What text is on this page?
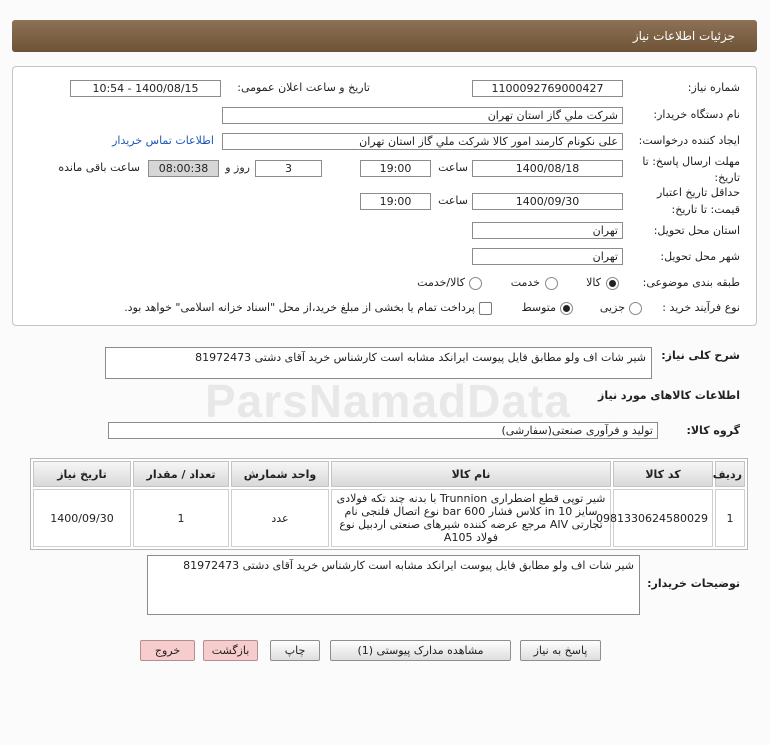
ParsNamadData
جزئیات اطلاعات نیاز
شماره نیاز:
1100092769000427
تاریخ و ساعت اعلان عمومی:
1400/08/15 - 10:54
نام دستگاه خریدار:
شرکت ملي گاز استان تهران
ایجاد کننده درخواست:
علی نکونام کارمند امور کالا شرکت ملي گاز استان تهران
اطلاعات تماس خریدار
مهلت ارسال پاسخ: تا
تاریخ:
1400/08/18
ساعت
19:00
3
روز و
08:00:38
ساعت باقی مانده
حداقل تاریخ اعتبار
قیمت: تا تاریخ:
1400/09/30
ساعت
19:00
استان محل تحویل:
تهران
شهر محل تحویل:
تهران
طبقه بندی موضوعی:
کالا
خدمت
کالا/خدمت
نوع فرآیند خرید :
جزیی
متوسط
پرداخت تمام یا بخشی از مبلغ خرید،از محل "اسناد خزانه اسلامی" خواهد بود.
شرح کلی نیاز:
شیر شات اف ولو مطابق فایل پیوست ایرانکد مشابه است کارشناس خرید آقای دشتی 81972473
اطلاعات کالاهای مورد نیاز
گروه کالا:
تولید و فرآوری صنعتی(سفارشی)
ردیف	کد کالا	نام کالا	واحد شمارش	تعداد / مقدار	تاریخ نیاز
1	0981330624580029	شیر توپی قطع اضطراری Trunnion با بدنه چند تکه فولادی سایز 10 in کلاس فشار 600 bar نوع اتصال فلنجی نام تجارتی AIV مرجع عرضه کننده شیرهای صنعتی اردبیل نوع فولاد A105	عدد	1	1400/09/30
توضیحات خریدار:
شیر شات اف ولو مطابق فایل پیوست ایرانکد مشابه است کارشناس خرید آقای دشتی 81972473
پاسخ به نیاز
مشاهده مدارک پیوستی (1)
چاپ
بازگشت
خروج
